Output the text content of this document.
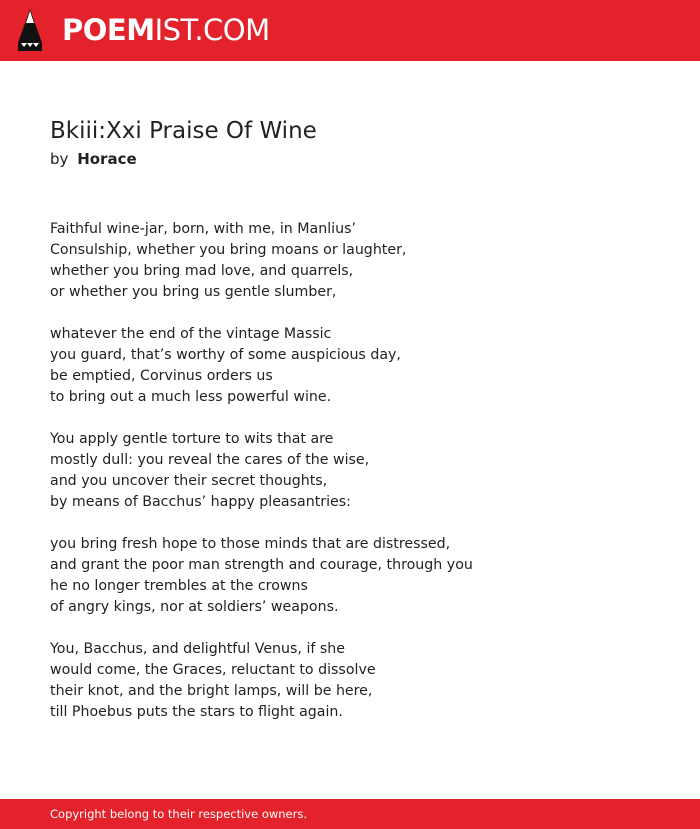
POEMIST.COM
Bkiii:Xxi Praise Of Wine
by Horace
Faithful wine-jar, born, with me, in Manlius’
Consulship, whether you bring moans or laughter,
whether you bring mad love, and quarrels,
or whether you bring us gentle slumber,
whatever the end of the vintage Massic
you guard, that’s worthy of some auspicious day,
be emptied, Corvinus orders us
to bring out a much less powerful wine.
You apply gentle torture to wits that are
mostly dull: you reveal the cares of the wise,
and you uncover their secret thoughts,
by means of Bacchus’ happy pleasantries:
you bring fresh hope to those minds that are distressed,
and grant the poor man strength and courage, through you
he no longer trembles at the crowns
of angry kings, nor at soldiers’ weapons.
You, Bacchus, and delightful Venus, if she
would come, the Graces, reluctant to dissolve
their knot, and the bright lamps, will be here,
till Phoebus puts the stars to flight again.
Copyright belong to their respective owners.
